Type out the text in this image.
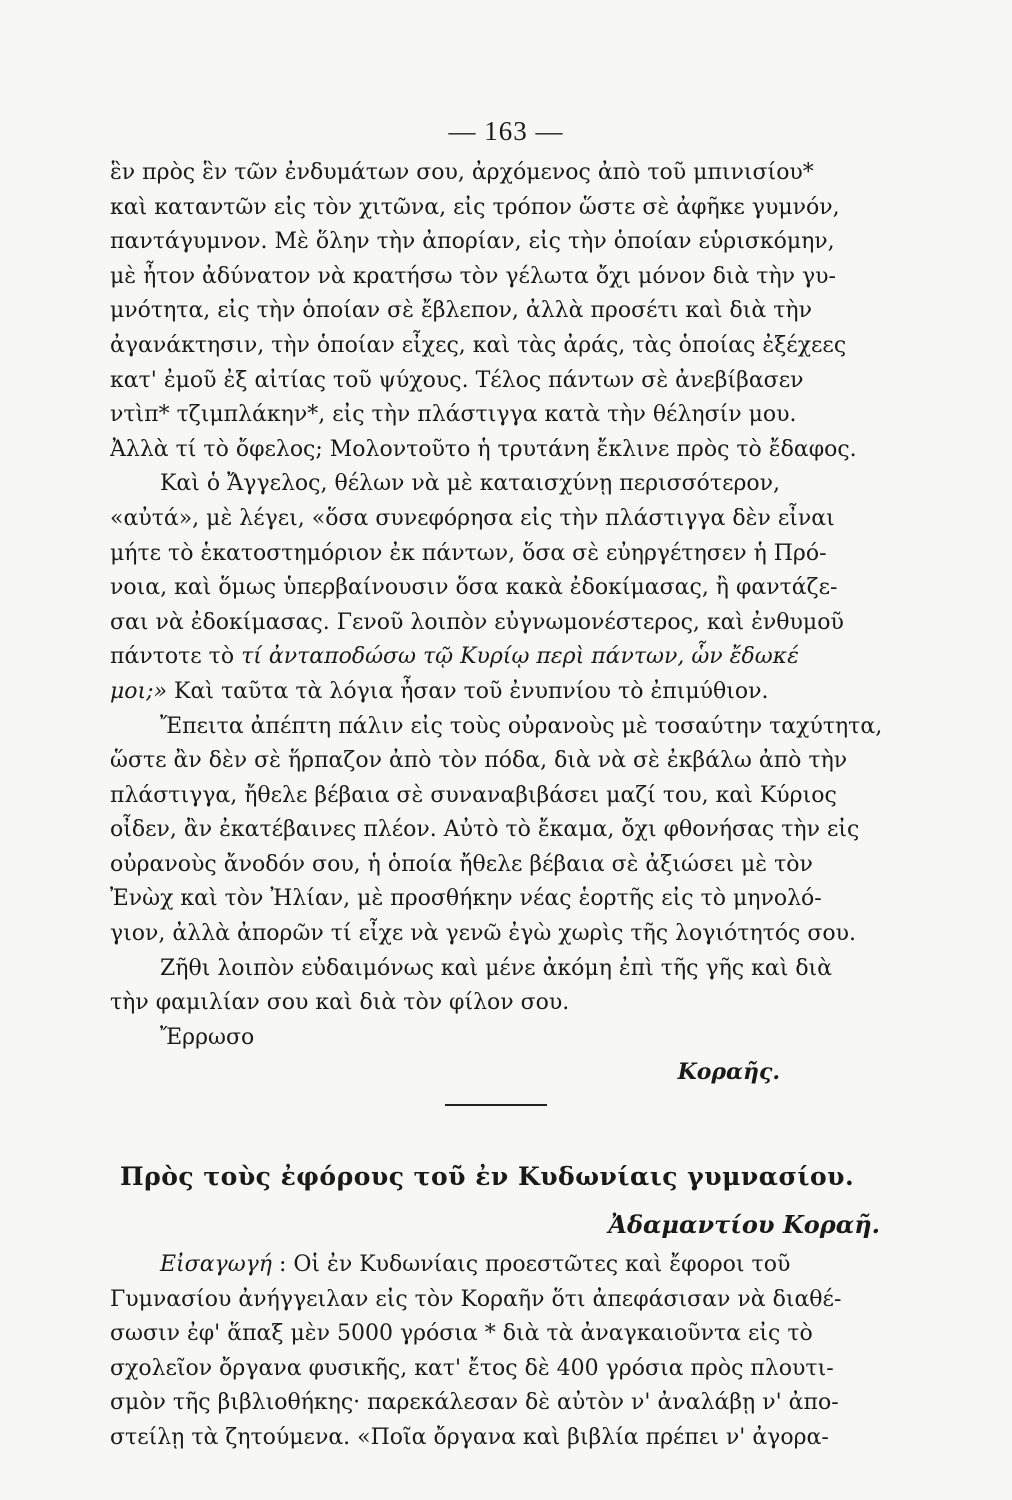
— 163 —
ἓν πρὸς ἓν τῶν ἐνδυμάτων σου, ἀρχόμενος ἀπὸ τοῦ μπινισίου*
καὶ καταντῶν εἰς τὸν χιτῶνα, εἰς τρόπον ὥστε σὲ ἀφῆκε γυμνόν,
παντάγυμνον. Μὲ ὅλην τὴν ἀπορίαν, εἰς τὴν ὁποίαν εὑρισκόμην,
μὲ ἦτον ἀδύνατον νὰ κρατήσω τὸν γέλωτα ὄχι μόνον διὰ τὴν γυ-
μνότητα, εἰς τὴν ὁποίαν σὲ ἔβλεπον, ἀλλὰ προσέτι καὶ διὰ τὴν
ἀγανάκτησιν, τὴν ὁποίαν εἶχες, καὶ τὰς ἀράς, τὰς ὁποίας ἐξέχεες
κατ' ἐμοῦ ἐξ αἰτίας τοῦ ψύχους. Τέλος πάντων σὲ ἀνεβίβασεν
ντὶπ* τζιμπλάκην*, εἰς τὴν πλάστιγγα κατὰ τὴν θέλησίν μου.
Ἀλλὰ τί τὸ ὄφελος; Μολοντοῦτο ἡ τρυτάνη ἔκλινε πρὸς τὸ ἔδαφος.
Καὶ ὁ Ἄγγελος, θέλων νὰ μὲ καταισχύνῃ περισσότερον,
«αὐτά», μὲ λέγει, «ὅσα συνεφόρησα εἰς τὴν πλάστιγγα δὲν εἶναι
μήτε τὸ ἑκατοστημόριον ἐκ πάντων, ὅσα σὲ εὐηργέτησεν ἡ Πρό-
νοια, καὶ ὅμως ὑπερβαίνουσιν ὅσα κακὰ ἐδοκίμασας, ἢ φαντάζε-
σαι νὰ ἐδοκίμασας. Γενοῦ λοιπὸν εὐγνωμονέστερος, καὶ ἐνθυμοῦ
πάντοτε τὸ τί ἀνταποδώσω τῷ Κυρίῳ περὶ πάντων, ὧν ἔδωκέ
μοι;» Καὶ ταῦτα τὰ λόγια ἦσαν τοῦ ἐνυπνίου τὸ ἐπιμύθιον.
Ἔπειτα ἀπέπτη πάλιν εἰς τοὺς οὐρανοὺς μὲ τοσαύτην ταχύτητα,
ὥστε ἂν δὲν σὲ ἥρπαζον ἀπὸ τὸν πόδα, διὰ νὰ σὲ ἐκβάλω ἀπὸ τὴν
πλάστιγγα, ἤθελε βέβαια σὲ συναναβιβάσει μαζί του, καὶ Κύριος
οἶδεν, ἂν ἐκατέβαινες πλέον. Αὐτὸ τὸ ἔκαμα, ὄχι φθονήσας τὴν εἰς
οὐρανοὺς ἄνοδόν σου, ἡ ὁποία ἤθελε βέβαια σὲ ἀξιώσει μὲ τὸν
Ἐνὼχ καὶ τὸν Ἠλίαν, μὲ προσθήκην νέας ἑορτῆς εἰς τὸ μηνολό-
γιον, ἀλλὰ ἀπορῶν τί εἶχε νὰ γενῶ ἐγὼ χωρὶς τῆς λογιότητός σου.
Ζῆθι λοιπὸν εὐδαιμόνως καὶ μένε ἀκόμη ἐπὶ τῆς γῆς καὶ διὰ
τὴν φαμιλίαν σου καὶ διὰ τὸν φίλον σου.
Ἔρρωσο
Κοραῆς.
Πρὸς τοὺς ἐφόρους τοῦ ἐν Κυδωνίαις γυμνασίου.
Ἀδαμαντίου Κοραῆ.
Εἰσαγωγή : Οἱ ἐν Κυδωνίαις προεστῶτες καὶ ἔφοροι τοῦ
Γυμνασίου ἀνήγγειλαν εἰς τὸν Κοραῆν ὅτι ἀπεφάσισαν νὰ διαθέ-
σωσιν ἐφ' ἅπαξ μὲν 5000 γρόσια * διὰ τὰ ἀναγκαιοῦντα εἰς τὸ
σχολεῖον ὄργανα φυσικῆς, κατ' ἔτος δὲ 400 γρόσια πρὸς πλουτι-
σμὸν τῆς βιβλιοθήκης· παρεκάλεσαν δὲ αὐτὸν ν' ἀναλάβῃ ν' ἀπο-
στείλῃ τὰ ζητούμενα. «Ποῖα ὄργανα καὶ βιβλία πρέπει ν' ἀγορα-
